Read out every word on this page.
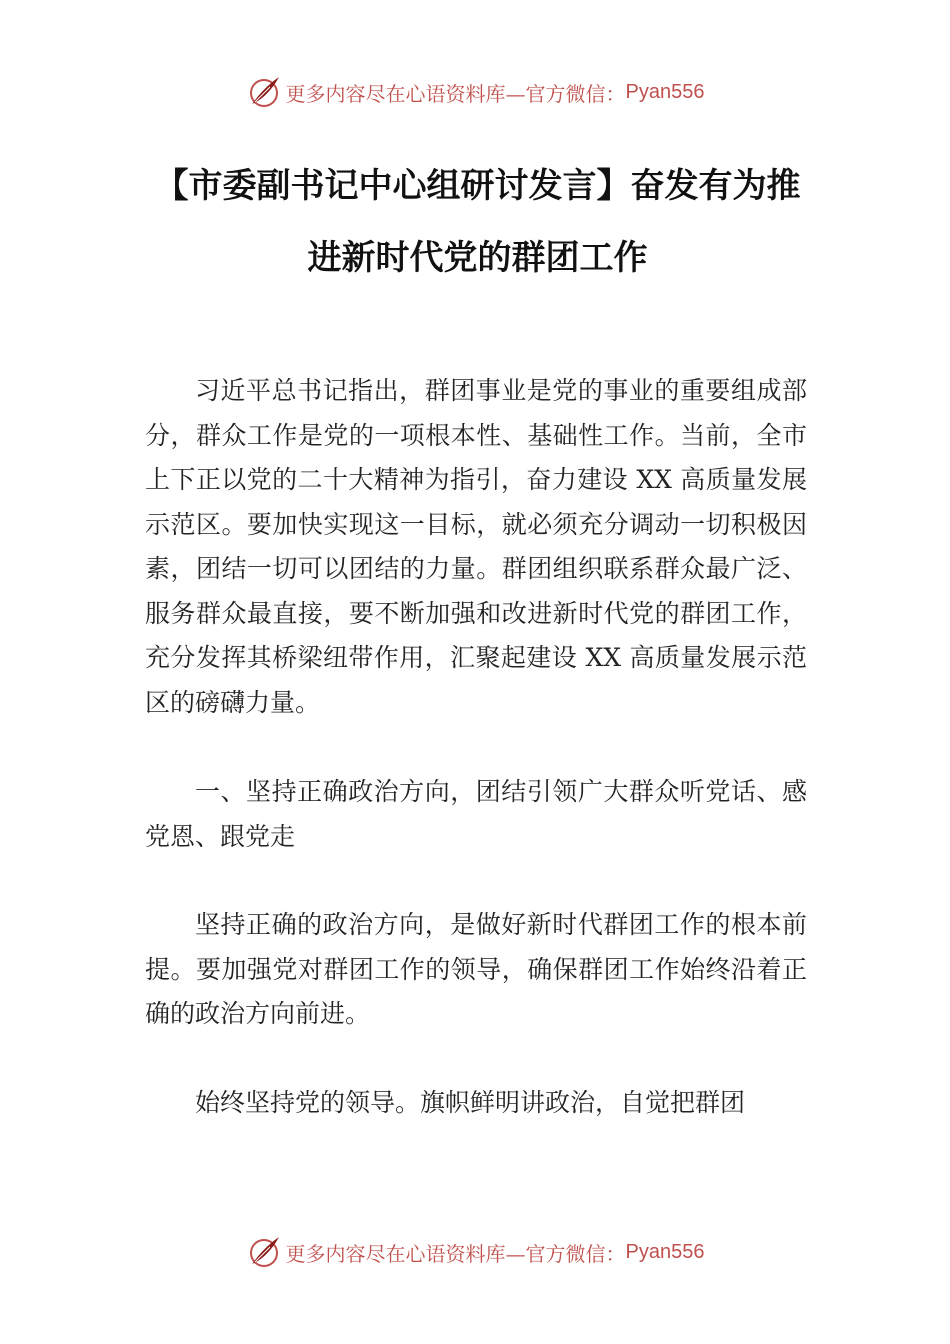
更多内容尽在心语资料库—官方微信： Pyan556
【市委副书记中心组研讨发言】奋发有为推进新时代党的群团工作

习近平总书记指出，群团事业是党的事业的重要组成部分，群众工作是党的一项根本性、基础性工作。当前，全市上下正以党的二十大精神为指引，奋力建设 XX 高质量发展示范区。要加快实现这一目标，就必须充分调动一切积极因素，团结一切可以团结的力量。群团组织联系群众最广泛、服务群众最直接，要不断加强和改进新时代党的群团工作，充分发挥其桥梁纽带作用，汇聚起建设 XX 高质量发展示范区的磅礴力量。

一、坚持正确政治方向，团结引领广大群众听党话、感党恩、跟党走

坚持正确的政治方向，是做好新时代群团工作的根本前提。要加强党对群团工作的领导，确保群团工作始终沿着正确的政治方向前进。

始终坚持党的领导。旗帜鲜明讲政治，自觉把群团

更多内容尽在心语资料库—官方微信： Pyan556
